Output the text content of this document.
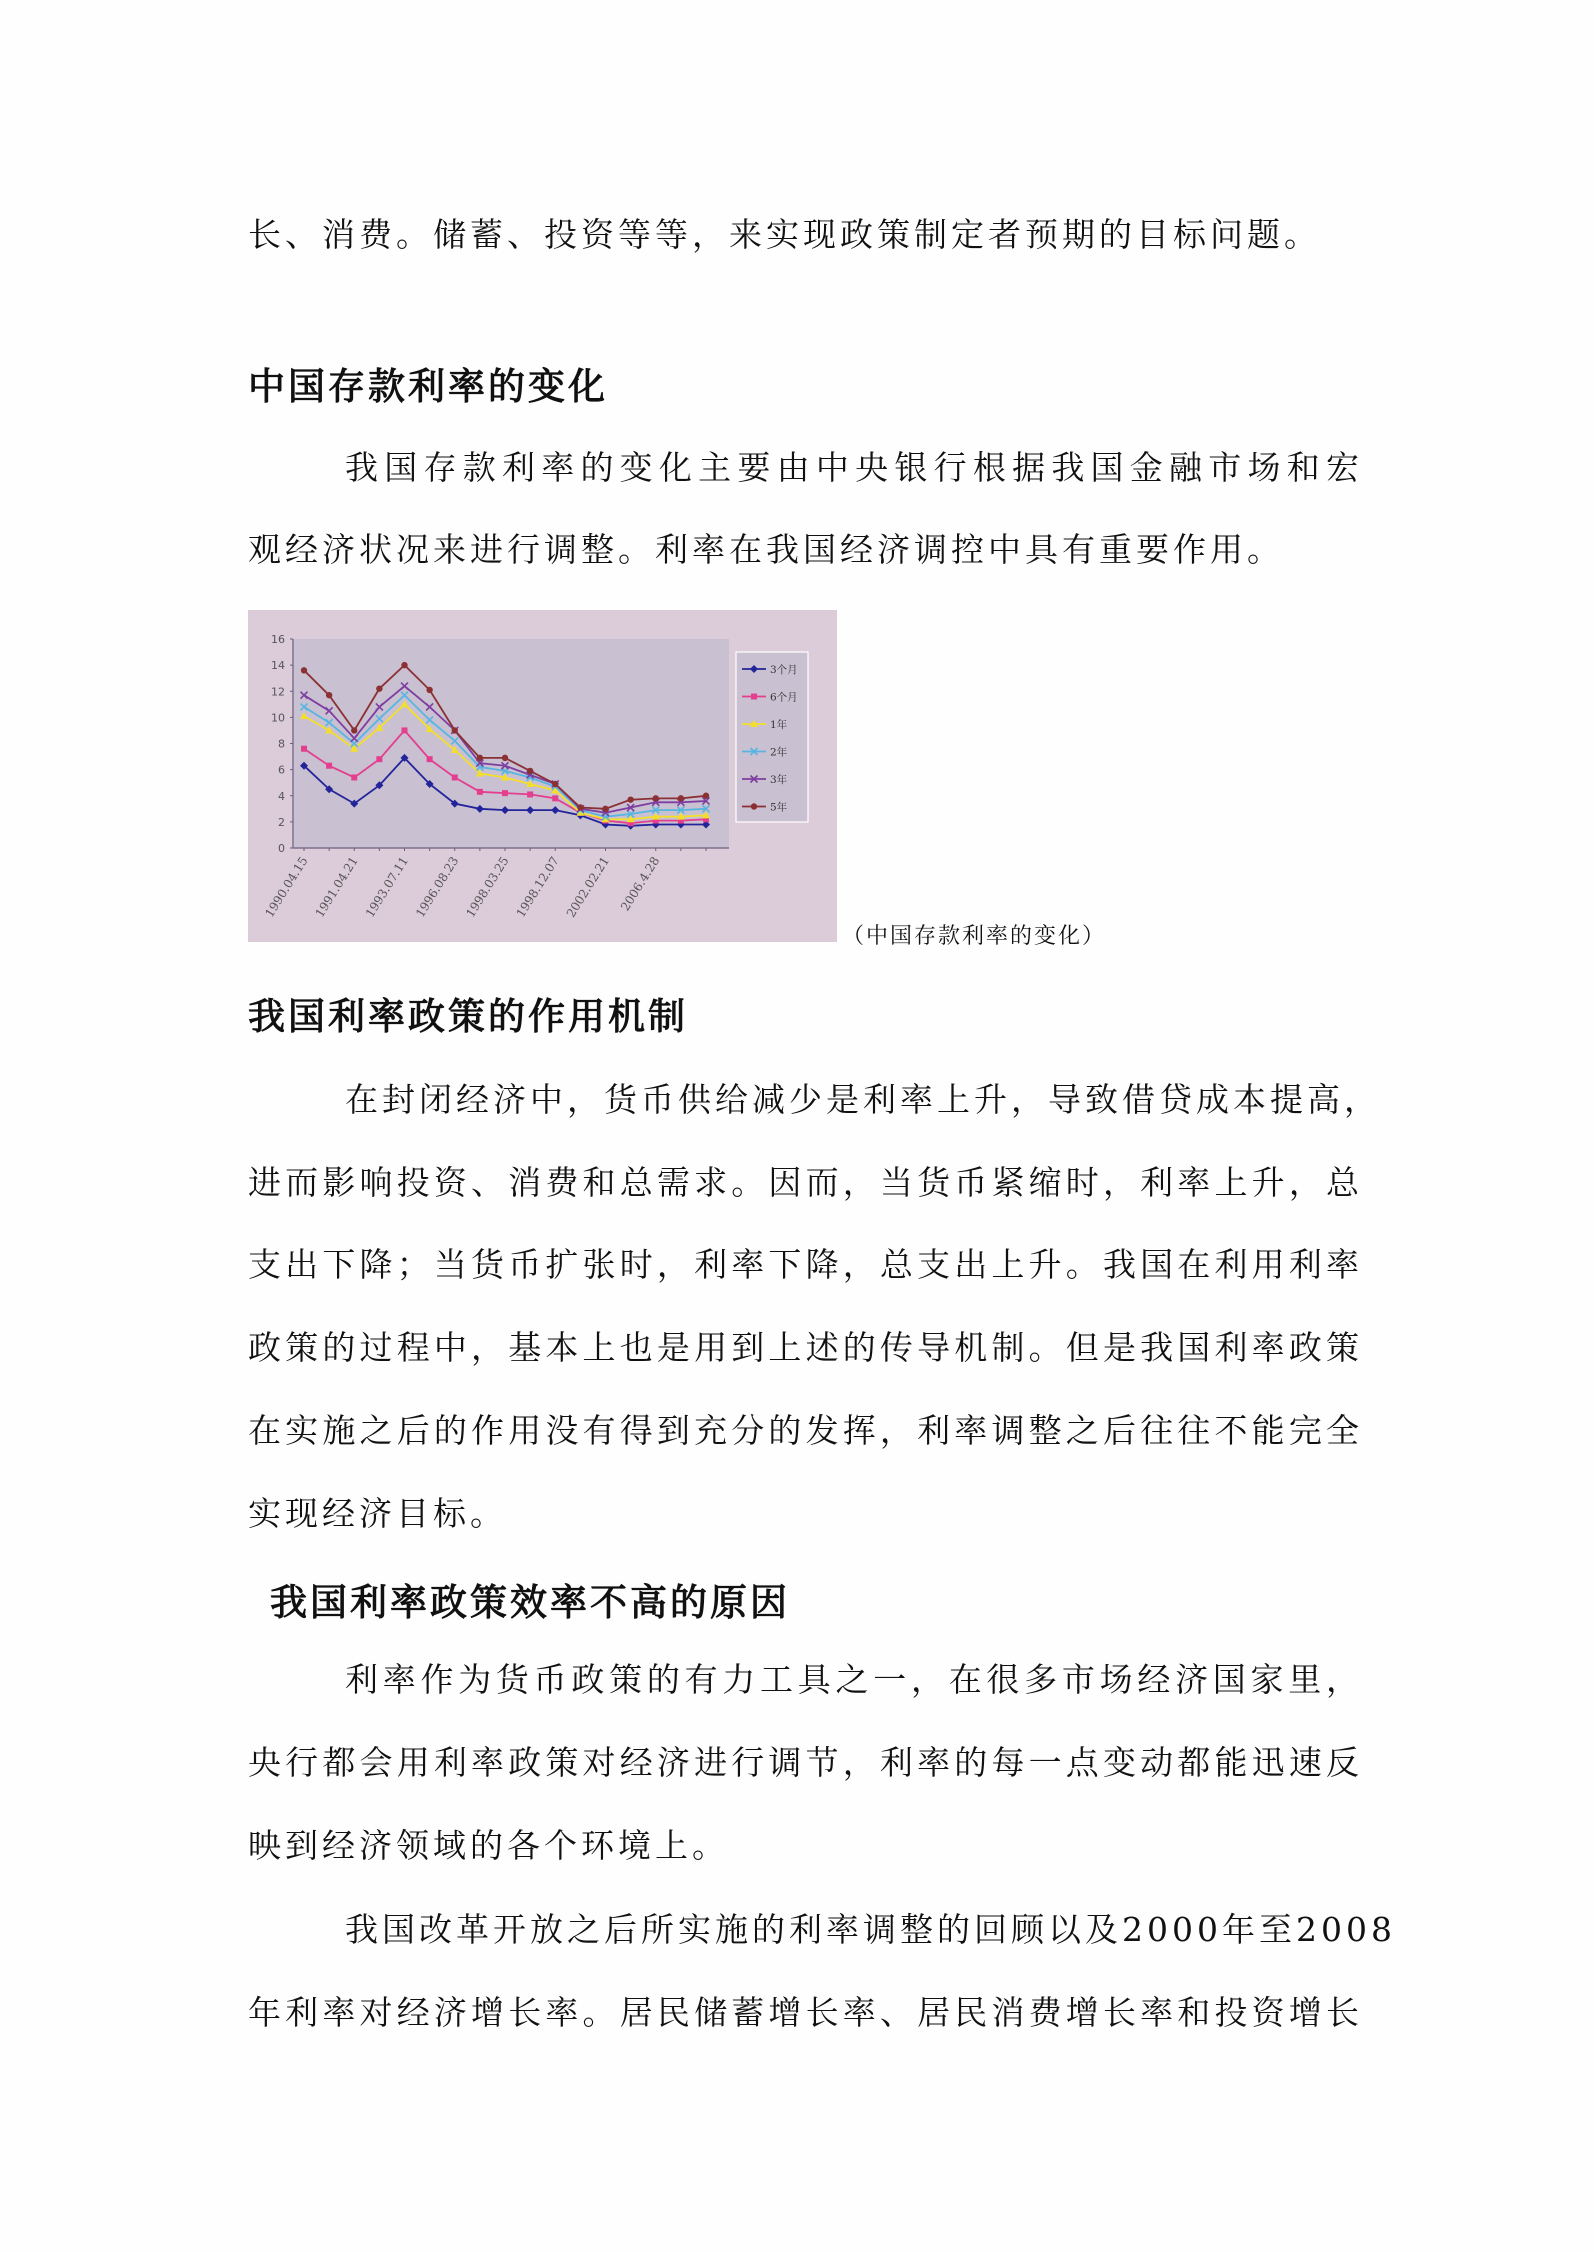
长、消费。储蓄、投资等等，来实现政策制定者预期的目标问题。
中国存款利率的变化
我国存款利率的变化主要由中央银行根据我国金融市场和宏
观经济状况来进行调整。利率在我国经济调控中具有重要作用。
0
2
4
6
8
10
12
14
16
1990.04.15 1991.04.21 1993.07.11 1996.08.23 1998.03.25 1998.12.07 2002.02.21 2006.4.28
3个月
6个月
1年
2年
3年
5年
（中国存款利率的变化）
我国利率政策的作用机制
在封闭经济中，货币供给减少是利率上升，导致借贷成本提高，
进而影响投资、消费和总需求。因而，当货币紧缩时，利率上升，总
支出下降；当货币扩张时，利率下降，总支出上升。我国在利用利率
政策的过程中，基本上也是用到上述的传导机制。但是我国利率政策
在实施之后的作用没有得到充分的发挥，利率调整之后往往不能完全
实现经济目标。
我国利率政策效率不高的原因
利率作为货币政策的有力工具之一，在很多市场经济国家里，
央行都会用利率政策对经济进行调节，利率的每一点变动都能迅速反
映到经济领域的各个环境上。
我国改革开放之后所实施的利率调整的回顾以及2000年至2008
年利率对经济增长率。居民储蓄增长率、居民消费增长率和投资增长
